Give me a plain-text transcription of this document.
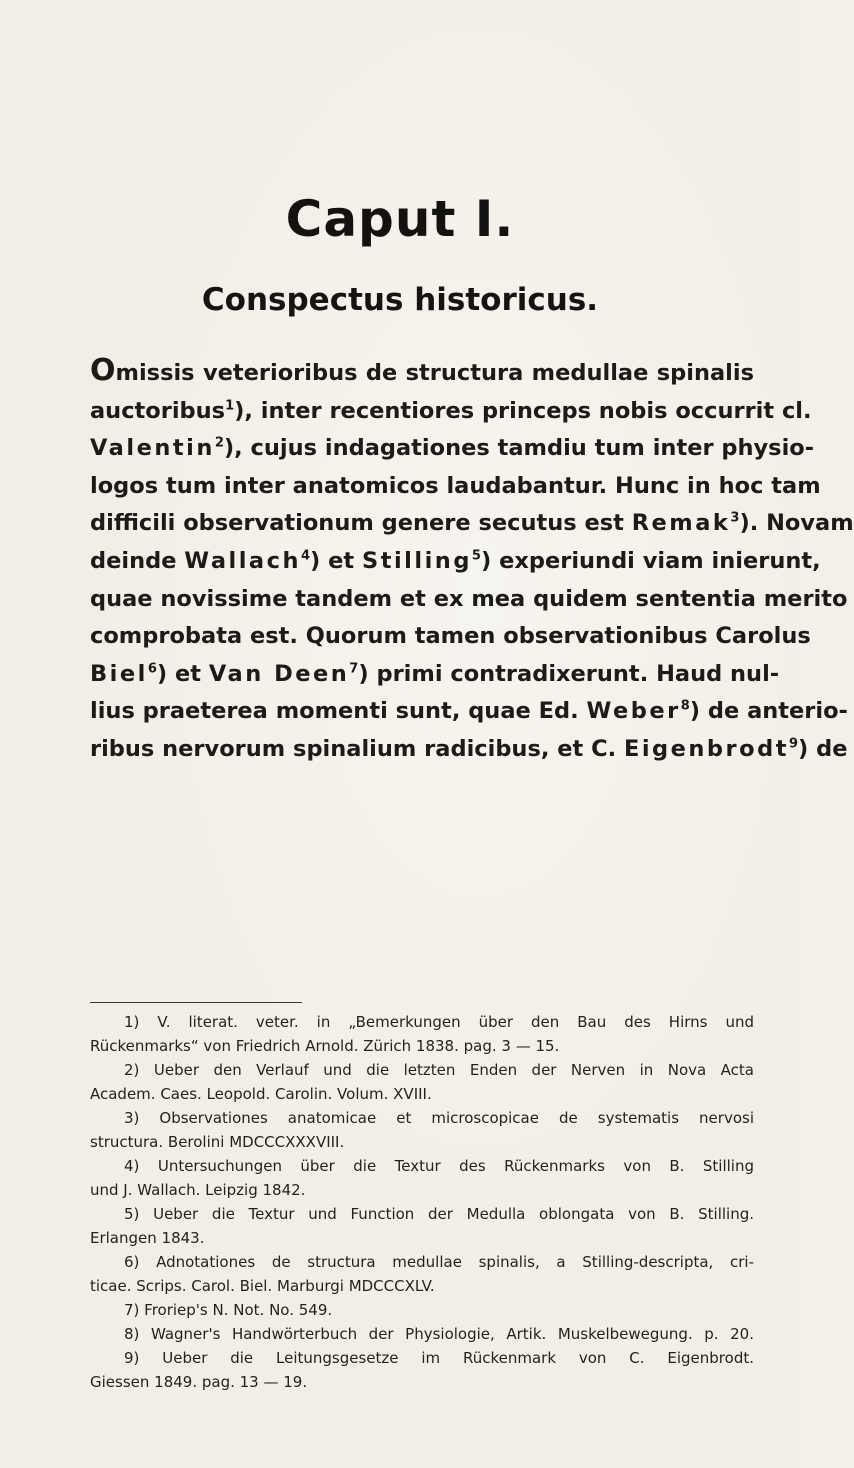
Caput I.
Conspectus historicus.
Omissis veterioribus de structura medullae spinalis
auctoribus$^1$), inter recentiores princeps nobis occurrit cl.
Valentin$^2$), cujus indagationes tamdiu tum inter physio-
logos tum inter anatomicos laudabantur. Hunc in hoc tam
difficili observationum genere secutus est Remak$^3$). Novam
deinde Wallach$^4$) et Stilling$^5$) experiundi viam inierunt,
quae novissime tandem et ex mea quidem sententia merito
comprobata est. Quorum tamen observationibus Carolus
Biel$^6$) et Van Deen$^7$) primi contradixerunt. Haud nul-
lius praeterea momenti sunt, quae Ed. Weber$^8$) de anterio-
ribus nervorum spinalium radicibus, et C. Eigenbrodt$^9$) de
1) V. literat. veter. in „Bemerkungen über den Bau des Hirns und
Rückenmarks“ von Friedrich Arnold. Zürich 1838. pag. 3 — 15.
2) Ueber den Verlauf und die letzten Enden der Nerven in Nova Acta
Academ. Caes. Leopold. Carolin. Volum. XVIII.
3) Observationes anatomicae et microscopicae de systematis nervosi
structura. Berolini MDCCCXXXVIII.
4) Untersuchungen über die Textur des Rückenmarks von B. Stilling
und J. Wallach. Leipzig 1842.
5) Ueber die Textur und Function der Medulla oblongata von B. Stilling.
Erlangen 1843.
6) Adnotationes de structura medullae spinalis, a Stilling-descripta, cri-
ticae. Scrips. Carol. Biel. Marburgi MDCCCXLV.
7) Froriep's N. Not. No. 549.
8) Wagner's Handwörterbuch der Physiologie, Artik. Muskelbewegung. p. 20.
9) Ueber die Leitungsgesetze im Rückenmark von C. Eigenbrodt.
Giessen 1849. pag. 13 — 19.
